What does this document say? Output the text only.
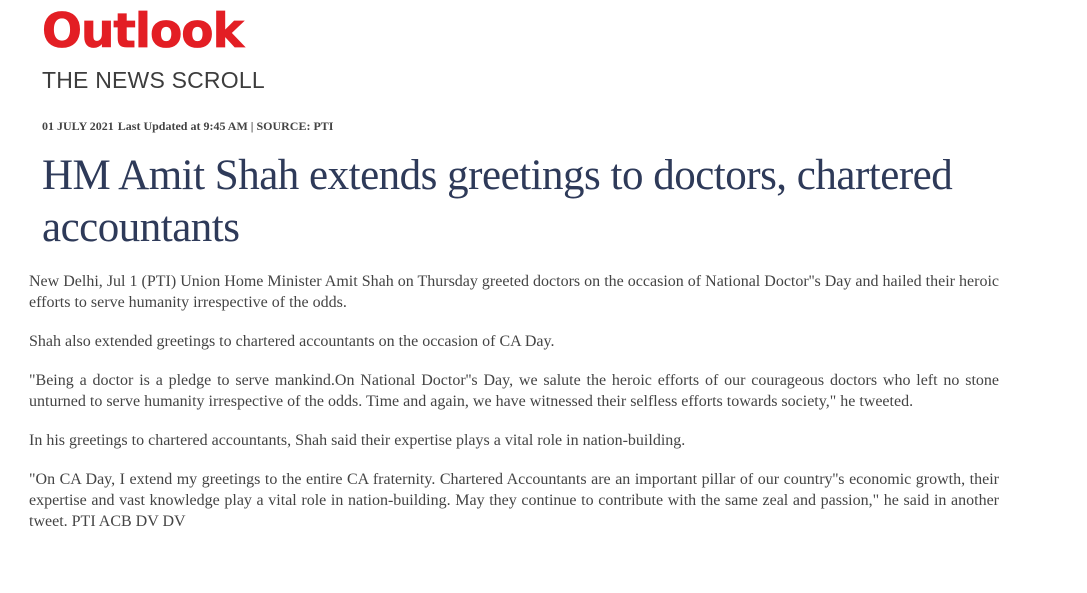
Outlook
THE NEWS SCROLL
01 JULY 2021 Last Updated at 9:45 AM | SOURCE: PTI
HM Amit Shah extends greetings to doctors, chartered accountants

New Delhi, Jul 1 (PTI) Union Home Minister Amit Shah on Thursday greeted doctors on the occasion of National Doctor''s Day and hailed their heroic efforts to serve humanity irrespective of the odds.

Shah also extended greetings to chartered accountants on the occasion of CA Day.

"Being a doctor is a pledge to serve mankind.On National Doctor''s Day, we salute the heroic efforts of our courageous doctors who left no stone unturned to serve humanity irrespective of the odds. Time and again, we have witnessed their selfless efforts towards society," he tweeted.

In his greetings to chartered accountants, Shah said their expertise plays a vital role in nation-building.

"On CA Day, I extend my greetings to the entire CA fraternity. Chartered Accountants are an important pillar of our country''s economic growth, their expertise and vast knowledge play a vital role in nation-building. May they continue to contribute with the same zeal and passion," he said in another tweet. PTI ACB DV DV
